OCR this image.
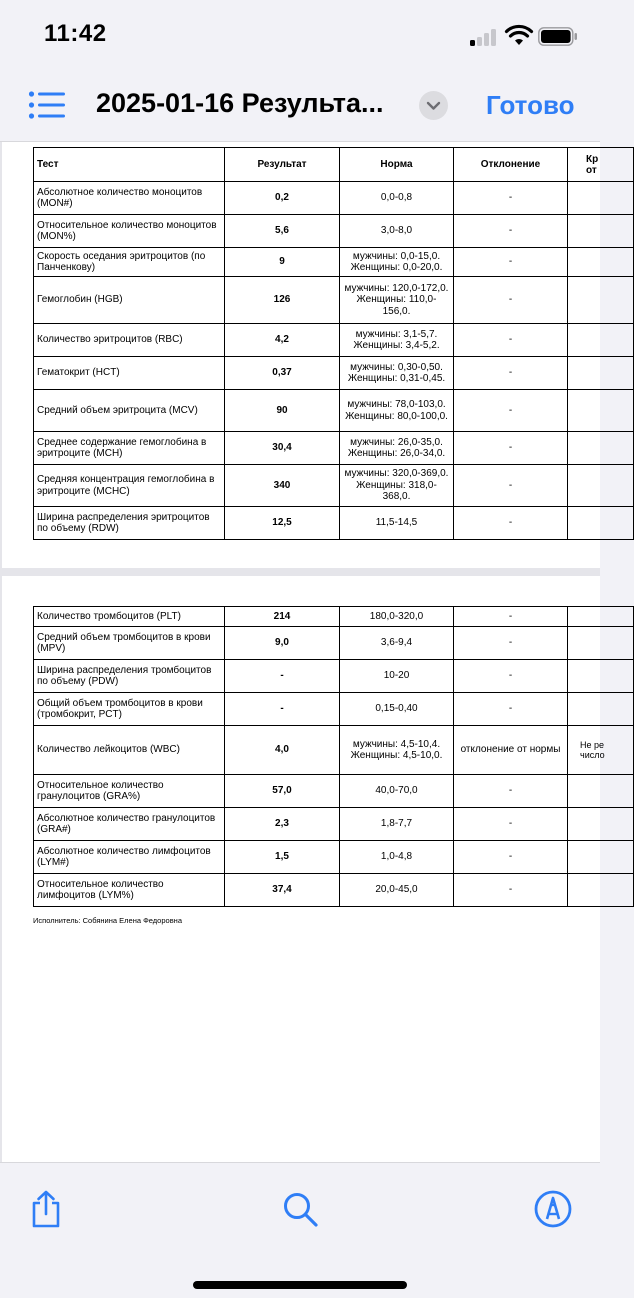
11:42
2025-01-16 Результа...	Готово
Тест	Результат	Норма	Отклонение	Кр
от
Абсолютное количество моноцитов (MON#)	0,2	0,0-0,8	-	
Относительное количество моноцитов (MON%)	5,6	3,0-8,0	-	
Скорость оседания эритроцитов (по Панченкову)	9	мужчины: 0,0-15,0. Женщины: 0,0-20,0.	-	
Гемоглобин (HGB)	126	мужчины: 120,0-172,0. Женщины: 110,0-156,0.	-	
Количество эритроцитов (RBC)	4,2	мужчины: 3,1-5,7. Женщины: 3,4-5,2.	-	
Гематокрит (HCT)	0,37	мужчины: 0,30-0,50. Женщины: 0,31-0,45.	-	
Средний объем эритроцита (MCV)	90	мужчины: 78,0-103,0. Женщины: 80,0-100,0.	-	
Среднее содержание гемоглобина в эритроците (MCH)	30,4	мужчины: 26,0-35,0. Женщины: 26,0-34,0.	-	
Средняя концентрация гемоглобина в эритроците (MCHC)	340	мужчины: 320,0-369,0. Женщины: 318,0-368,0.	-	
Ширина распределения эритроцитов по объему (RDW)	12,5	11,5-14,5	-	
Количество тромбоцитов (PLT)	214	180,0-320,0	-	
Средний объем тромбоцитов в крови (MPV)	9,0	3,6-9,4	-	
Ширина распределения тромбоцитов по объему (PDW)	-	10-20	-	
Общий объем тромбоцитов в крови (тромбокрит, PCT)	-	0,15-0,40	-	
Количество лейкоцитов (WBC)	4,0	мужчины: 4,5-10,4. Женщины: 4,5-10,0.	отклонение от нормы	Не ре число
Относительное количество гранулоцитов (GRA%)	57,0	40,0-70,0	-	
Абсолютное количество гранулоцитов (GRA#)	2,3	1,8-7,7	-	
Абсолютное количество лимфоцитов (LYM#)	1,5	1,0-4,8	-	
Относительное количество лимфоцитов (LYM%)	37,4	20,0-45,0	-	
Исполнитель: Собянина Елена Федоровна
